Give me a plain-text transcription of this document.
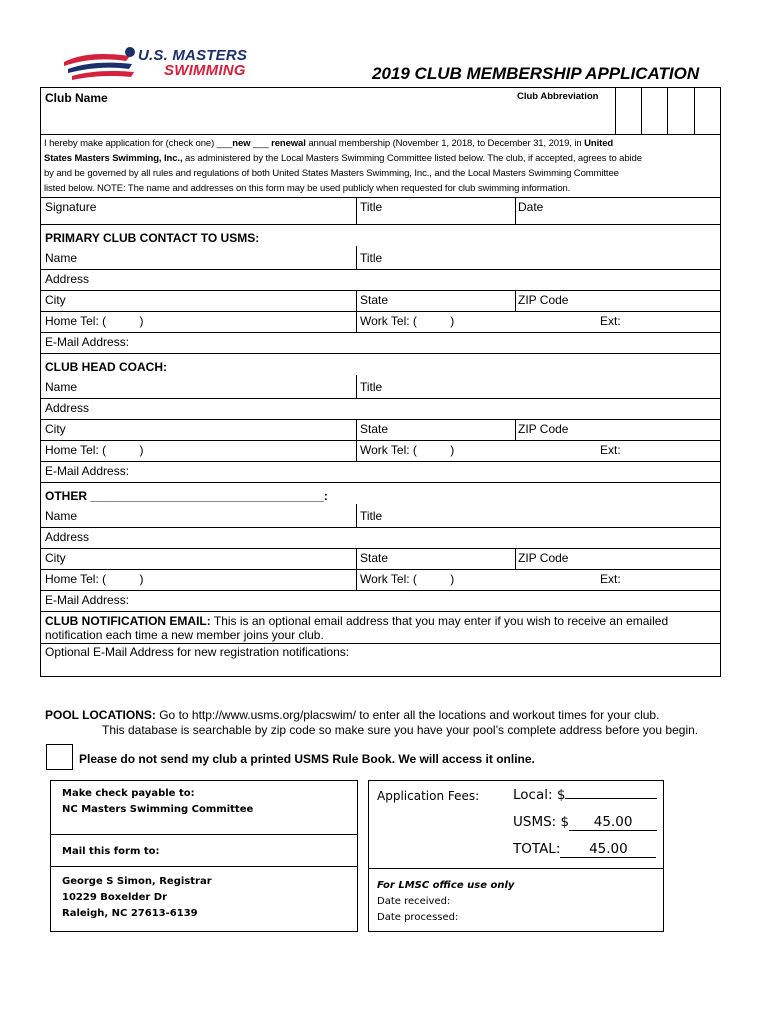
U.S. MASTERS
SWIMMING	2019 CLUB MEMBERSHIP APPLICATION
Club Name	Club Abbreviation
I hereby make application for (check one) ___new ___ renewal annual membership (November 1, 2018, to December 31, 2019, in United
States Masters Swimming, Inc., as administered by the Local Masters Swimming Committee listed below. The club, if accepted, agrees to abide
by and be governed by all rules and regulations of both United States Masters Swimming, Inc., and the Local Masters Swimming Committee
listed below. NOTE: The name and addresses on this form may be used publicly when requested for club swimming information.
Signature	Title	Date
PRIMARY CLUB CONTACT TO USMS:
Name	Title
Address
City	State	ZIP Code
Home Tel: (          )	Work Tel: (          )	Ext:
E-Mail Address:
CLUB HEAD COACH:
Name	Title
Address
City	State	ZIP Code
Home Tel: (          )	Work Tel: (          )	Ext:
E-Mail Address:
OTHER ___________________________________:
Name	Title
Address
City	State	ZIP Code
Home Tel: (          )	Work Tel: (          )	Ext:
E-Mail Address:
CLUB NOTIFICATION EMAIL: This is an optional email address that you may enter if you wish to receive an emailed
notification each time a new member joins your club.
Optional E-Mail Address for new registration notifications:
POOL LOCATIONS: Go to http://www.usms.org/placswim/ to enter all the locations and workout times for your club.
This database is searchable by zip code so make sure you have your pool’s complete address before you begin.
Please do not send my club a printed USMS Rule Book. We will access it online.
Make check payable to:
NC Masters Swimming Committee
Mail this form to:
George S Simon, Registrar
10229 Boxelder Dr
Raleigh, NC 27613-6139
Application Fees:	Local: $
USMS: $ 45.00
TOTAL: 45.00
For LMSC office use only
Date received:
Date processed:
